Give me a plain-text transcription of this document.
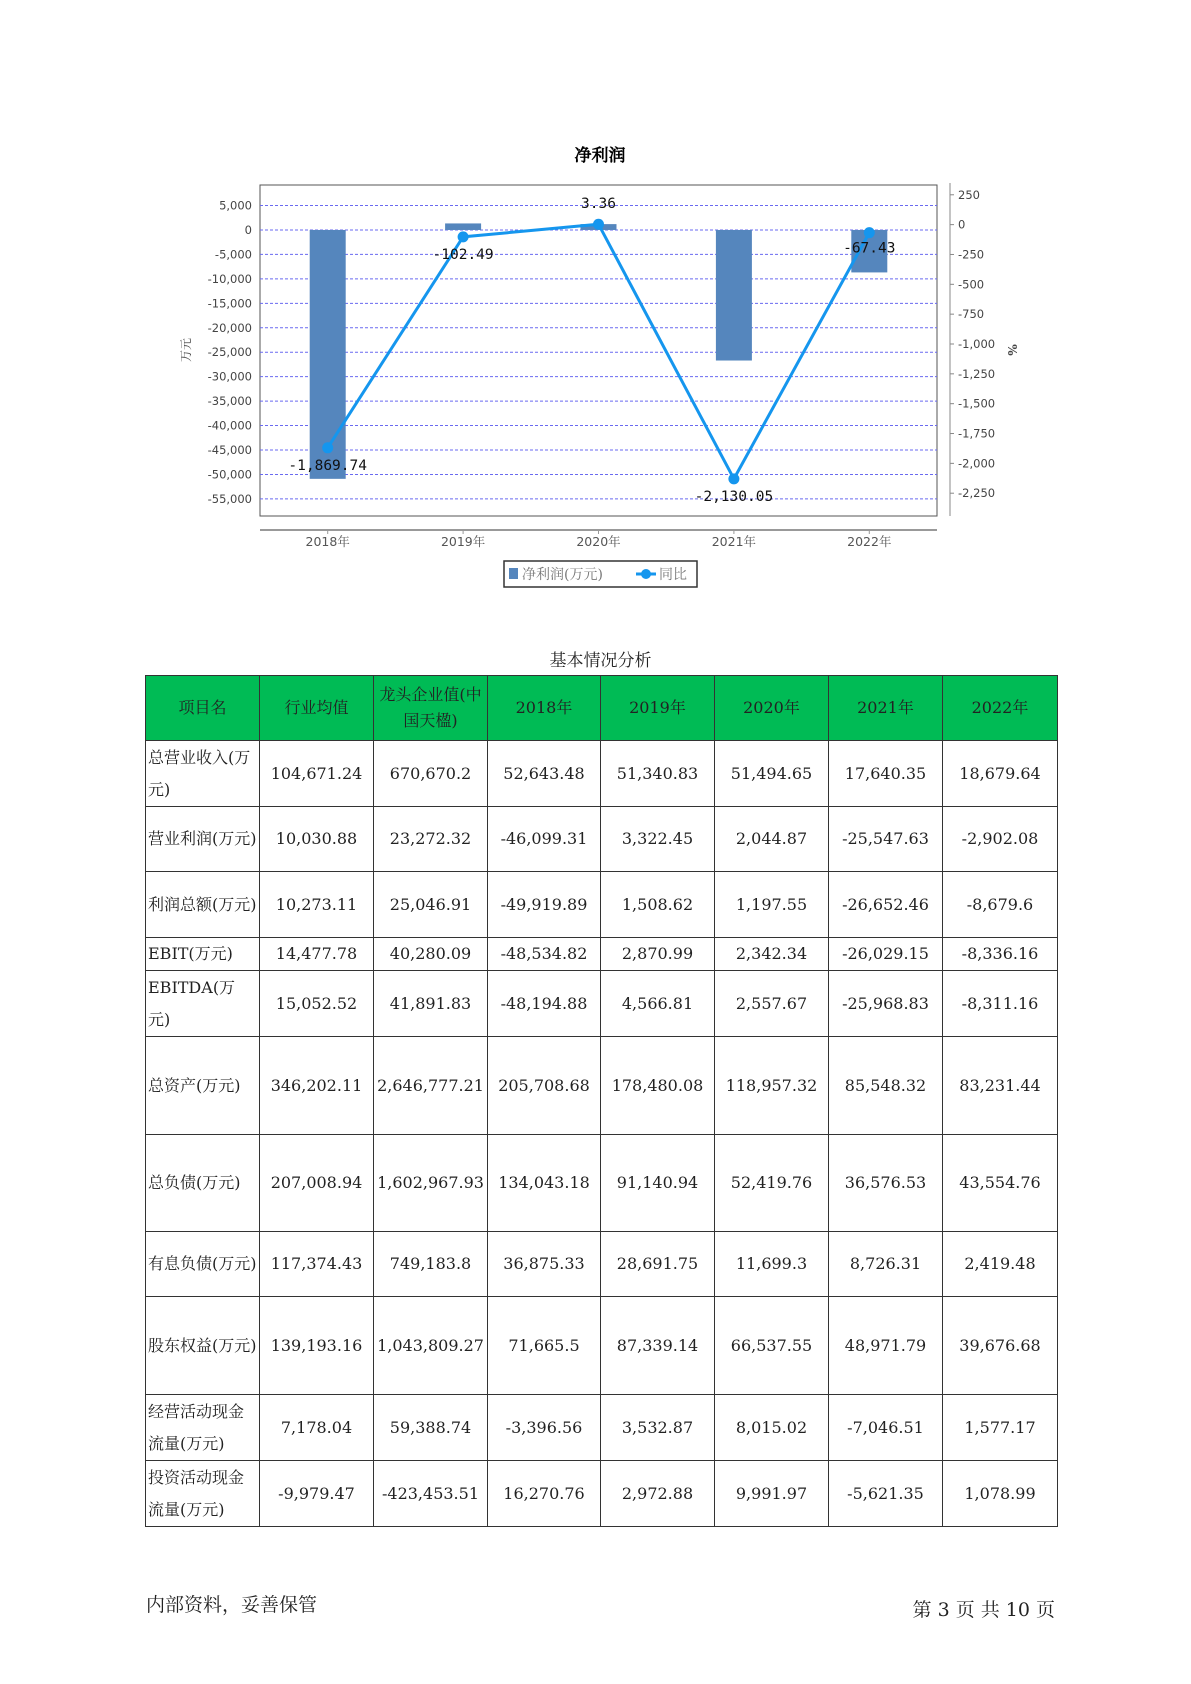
净利润
5,000
0
-5,000
-10,000
-15,000
-20,000
-25,000
-30,000
-35,000
-40,000
-45,000
-50,000
-55,000
250
0
-250
-500
-750
-1,000
-1,250
-1,500
-1,750
-2,000
-2,250
万元	%
2018年	2019年	2020年	2021年	2022年
-1,869.74
-102.49
3.36
-2,130.05
-67.43
净利润(万元)	同比
基本情况分析
项目名	行业均值	龙头企业值(中国天楹)	2018年	2019年	2020年	2021年	2022年
总营业收入(万元)	104,671.24	670,670.2	52,643.48	51,340.83	51,494.65	17,640.35	18,679.64
营业利润(万元)	10,030.88	23,272.32	-46,099.31	3,322.45	2,044.87	-25,547.63	-2,902.08
利润总额(万元)	10,273.11	25,046.91	-49,919.89	1,508.62	1,197.55	-26,652.46	-8,679.6
EBIT(万元)	14,477.78	40,280.09	-48,534.82	2,870.99	2,342.34	-26,029.15	-8,336.16
EBITDA(万元)	15,052.52	41,891.83	-48,194.88	4,566.81	2,557.67	-25,968.83	-8,311.16
总资产(万元)	346,202.11	2,646,777.21	205,708.68	178,480.08	118,957.32	85,548.32	83,231.44
总负债(万元)	207,008.94	1,602,967.93	134,043.18	91,140.94	52,419.76	36,576.53	43,554.76
有息负债(万元)	117,374.43	749,183.8	36,875.33	28,691.75	11,699.3	8,726.31	2,419.48
股东权益(万元)	139,193.16	1,043,809.27	71,665.5	87,339.14	66,537.55	48,971.79	39,676.68
经营活动现金流量(万元)	7,178.04	59,388.74	-3,396.56	3,532.87	8,015.02	-7,046.51	1,577.17
投资活动现金流量(万元)	-9,979.47	-423,453.51	16,270.76	2,972.88	9,991.97	-5,621.35	1,078.99
内部资料，妥善保管	第 3 页 共 10 页
